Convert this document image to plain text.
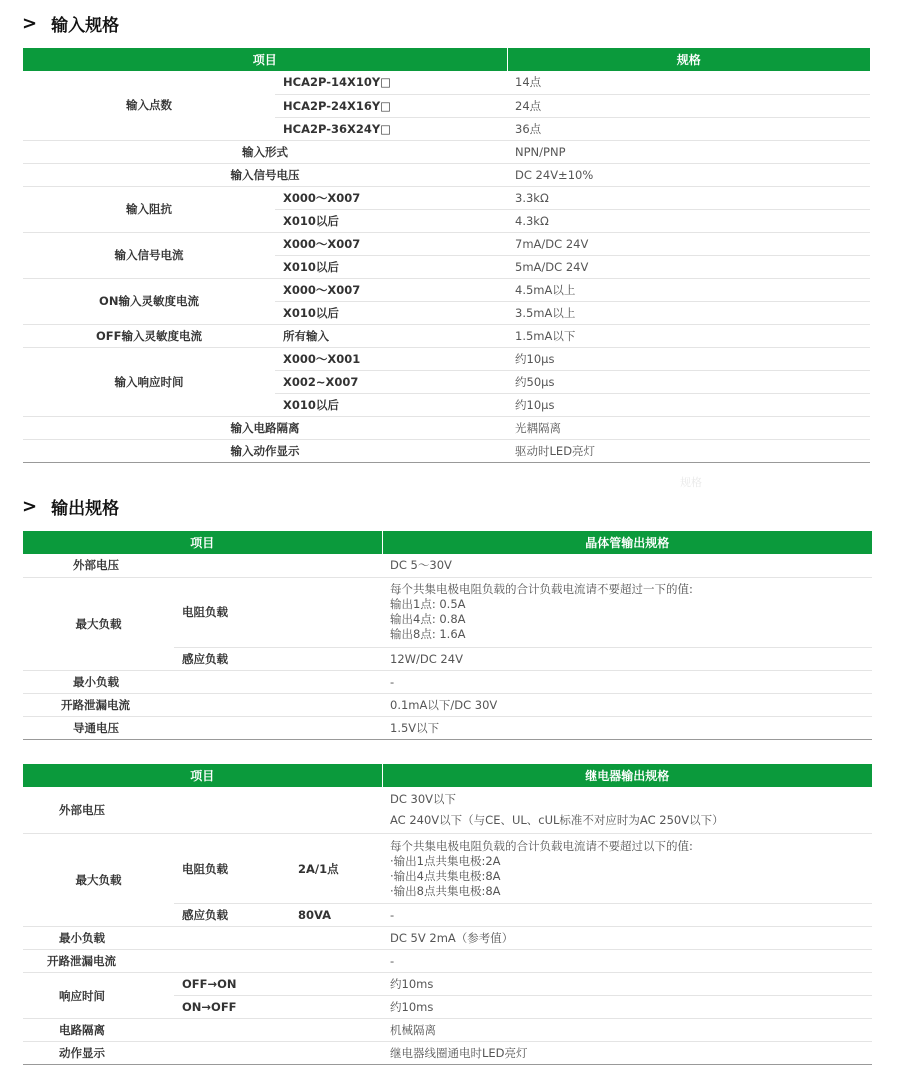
> 输入规格
项目		规格
输入点数	HCA2P-14X10Y□	14点
	HCA2P-24X16Y□	24点
	HCA2P-36X24Y□	36点
输入形式		NPN/PNP
输入信号电压		DC 24V±10%
输入阻抗	X000～X007	3.3kΩ
	X010以后	4.3kΩ
输入信号电流	X000～X007	7mA/DC 24V
	X010以后	5mA/DC 24V
ON输入灵敏度电流	X000～X007	4.5mA以上
	X010以后	3.5mA以上
OFF输入灵敏度电流	所有输入	1.5mA以下
输入响应时间	X000～X001	约10μs
	X002~X007	约50μs
	X010以后	约10μs
输入电路隔离		光耦隔离
输入动作显示		驱动时LED亮灯
规格
> 输出规格
项目		晶体管输出规格
外部电压		DC 5～30V
最大负载	电阻负载	每个共集电极电阻负载的合计负载电流请不要超过一下的值:
输出1点: 0.5A
输出4点: 0.8A
输出8点: 1.6A

	感应负载	12W/DC 24V
最小负载		-
开路泄漏电流		0.1mA以下/DC 30V
导通电压		1.5V以下
项目			继电器输出规格
外部电压			DC 30V以下
AC 240V以下（与CE、UL、cUL标准不对应时为AC 250V以下）

最大负载	电阻负载	2A/1点	每个共集电极电阻负载的合计负载电流请不要超过以下的值:
·输出1点共集电极:2A
·输出4点共集电极:8A
·输出8点共集电极:8A

	感应负载	80VA	-
最小负载			DC 5V 2mA（参考值）
开路泄漏电流			-
响应时间	OFF→ON		约10ms
	ON→OFF		约10ms
电路隔离			机械隔离
动作显示			继电器线圈通电时LED亮灯
